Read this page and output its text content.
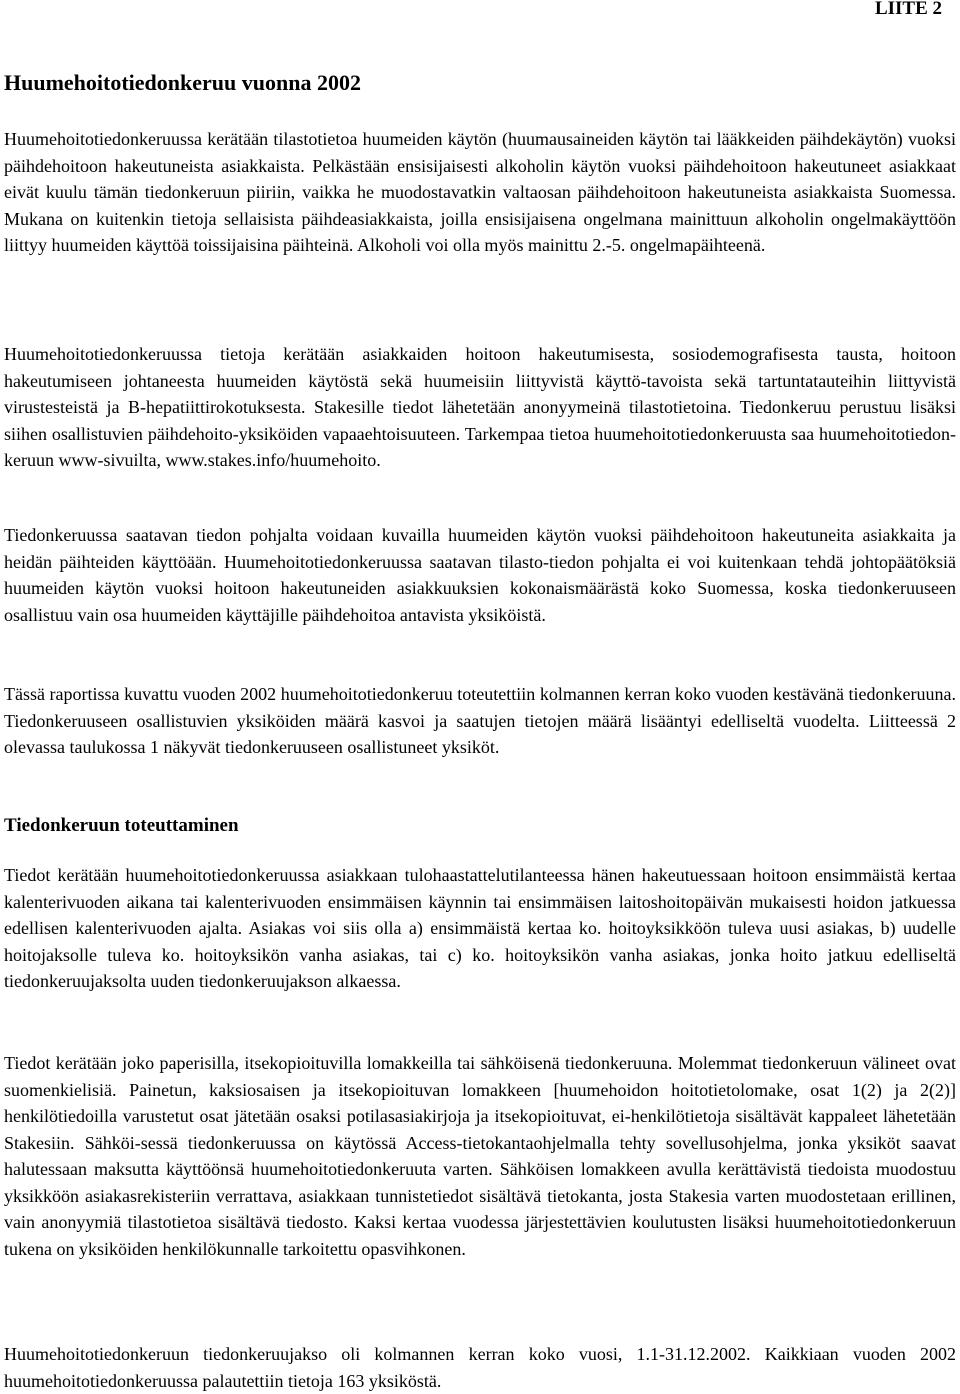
LIITE 2
Huumehoitotiedonkeruu vuonna 2002

Huumehoitotiedonkeruussa kerätään tilastotietoa huumeiden käytön (huumausaineiden käytön tai lääkkeiden päihdekäytön) vuoksi päihdehoitoon hakeutuneista asiakkaista. Pelkästään ensisijaisesti alkoholin käytön vuoksi päihdehoitoon hakeutuneet asiakkaat eivät kuulu tämän tiedonkeruun piiriin, vaikka he muodostavatkin valtaosan päihdehoitoon hakeutuneista asiakkaista Suomessa. Mukana on kuitenkin tietoja sellaisista päihdeasiakkaista, joilla ensisijaisena ongelmana mainittuun alkoholin ongelmakäyttöön liittyy huumeiden käyttöä toissijaisina päihteinä. Alkoholi voi olla myös mainittu 2.-5. ongelmapäihteenä.

Huumehoitotiedonkeruussa tietoja kerätään asiakkaiden hoitoon hakeutumisesta, sosiodemografisesta tausta, hoitoon hakeutumiseen johtaneesta huumeiden käytöstä sekä huumeisiin liittyvistä käyttö-tavoista sekä tartuntatauteihin liittyvistä virustesteistä ja B-hepatiittirokotuksesta. Stakesille tiedot lähetetään anonyymeinä tilastotietoina. Tiedonkeruu perustuu lisäksi siihen osallistuvien päihdehoito-yksiköiden vapaaehtoisuuteen. Tarkempaa tietoa huumehoitotiedonkeruusta saa huumehoitotiedon-keruun www-sivuilta, www.stakes.info/huumehoito.

Tiedonkeruussa saatavan tiedon pohjalta voidaan kuvailla huumeiden käytön vuoksi päihdehoitoon hakeutuneita asiakkaita ja heidän päihteiden käyttöään. Huumehoitotiedonkeruussa saatavan tilasto-tiedon pohjalta ei voi kuitenkaan tehdä johtopäätöksiä huumeiden käytön vuoksi hoitoon hakeutuneiden asiakkuuksien kokonaismäärästä koko Suomessa, koska tiedonkeruuseen osallistuu vain osa huumeiden käyttäjille päihdehoitoa antavista yksiköistä.

Tässä raportissa kuvattu vuoden 2002 huumehoitotiedonkeruu toteutettiin kolmannen kerran koko vuoden kestävänä tiedonkeruuna. Tiedonkeruuseen osallistuvien yksiköiden määrä kasvoi ja saatujen tietojen määrä lisääntyi edelliseltä vuodelta. Liitteessä 2 olevassa taulukossa 1 näkyvät tiedonkeruuseen osallistuneet yksiköt.

Tiedonkeruun toteuttaminen

Tiedot kerätään huumehoitotiedonkeruussa asiakkaan tulohaastattelutilanteessa hänen hakeutuessaan hoitoon ensimmäistä kertaa kalenterivuoden aikana tai kalenterivuoden ensimmäisen käynnin tai ensimmäisen laitoshoitopäivän mukaisesti hoidon jatkuessa edellisen kalenterivuoden ajalta. Asiakas voi siis olla a) ensimmäistä kertaa ko. hoitoyksikköön tuleva uusi asiakas, b) uudelle hoitojaksolle tuleva ko. hoitoyksikön vanha asiakas, tai c) ko. hoitoyksikön vanha asiakas, jonka hoito jatkuu edelliseltä tiedonkeruujaksolta uuden tiedonkeruujakson alkaessa.

Tiedot kerätään joko paperisilla, itsekopioituvilla lomakkeilla tai sähköisenä tiedonkeruuna. Molemmat tiedonkeruun välineet ovat suomenkielisiä. Painetun, kaksiosaisen ja itsekopioituvan lomakkeen [huumehoidon hoitotietolomake, osat 1(2) ja 2(2)] henkilötiedoilla varustetut osat jätetään osaksi potilasasiakirjoja ja itsekopioituvat, ei-henkilötietoja sisältävät kappaleet lähetetään Stakesiin. Sähköi-sessä tiedonkeruussa on käytössä Access-tietokantaohjelmalla tehty sovellusohjelma, jonka yksiköt saavat halutessaan maksutta käyttöönsä huumehoitotiedonkeruuta varten. Sähköisen lomakkeen avulla kerättävistä tiedoista muodostuu yksikköön asiakasrekisteriin verrattava, asiakkaan tunnistetiedot sisältävä tietokanta, josta Stakesia varten muodostetaan erillinen, vain anonyymiä tilastotietoa sisältävä tiedosto. Kaksi kertaa vuodessa järjestettävien koulutusten lisäksi huumehoitotiedonkeruun tukena on yksiköiden henkilökunnalle tarkoitettu opasvihkonen.

Huumehoitotiedonkeruun tiedonkeruujakso oli kolmannen kerran koko vuosi, 1.1-31.12.2002. Kaikkiaan vuoden 2002 huumehoitotiedonkeruussa palautettiin tietoja 163 yksiköstä.
